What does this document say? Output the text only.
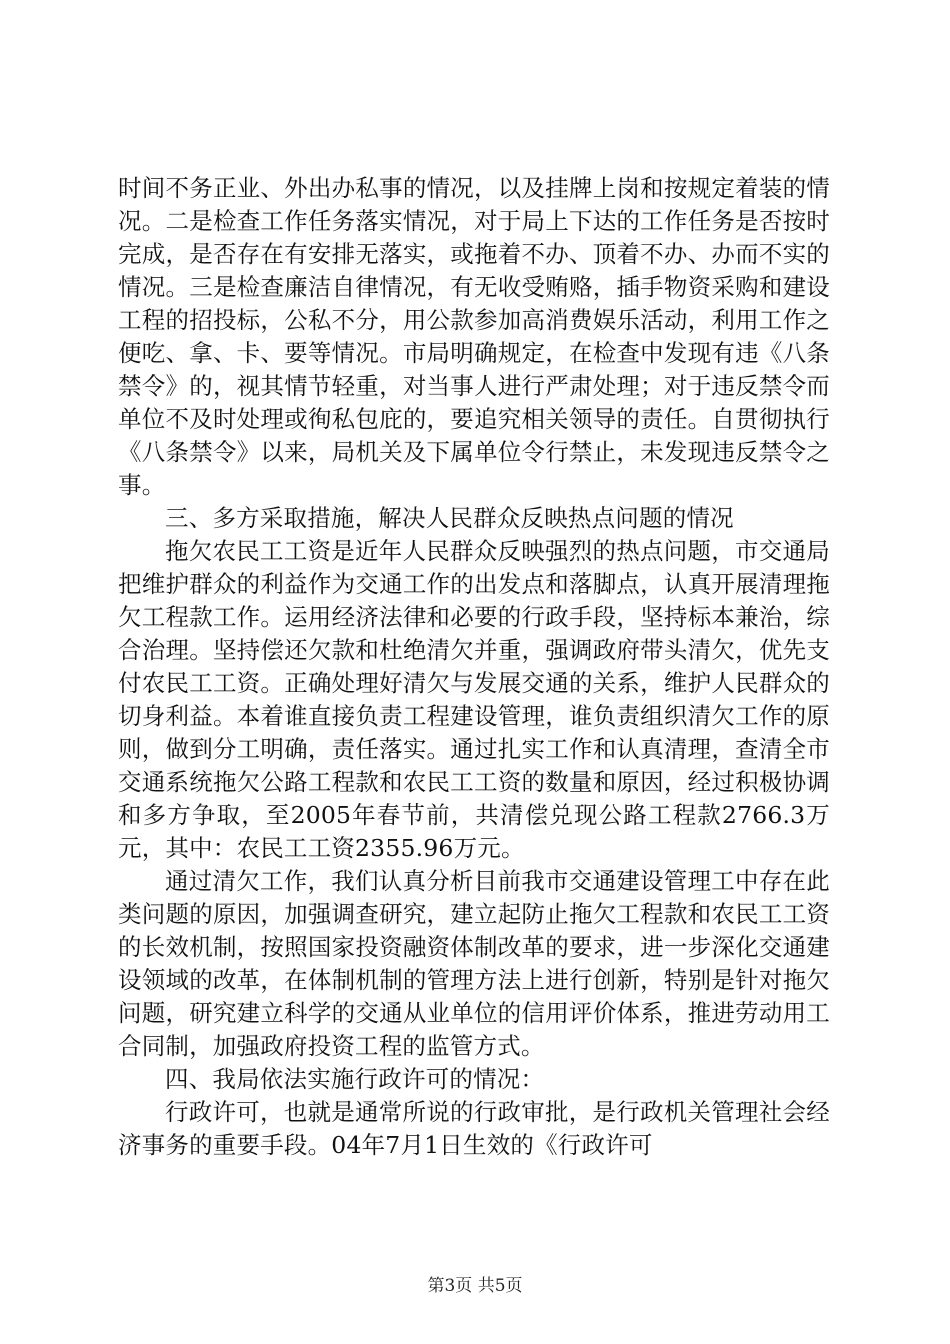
时间不务正业、外出办私事的情况，以及挂牌上岗和按规定着装的情况。二是检查工作任务落实情况，对于局上下达的工作任务是否按时完成，是否存在有安排无落实，或拖着不办、顶着不办、办而不实的情况。三是检查廉洁自律情况，有无收受贿赂，插手物资采购和建设工程的招投标，公私不分，用公款参加高消费娱乐活动，利用工作之便吃、拿、卡、要等情况。市局明确规定，在检查中发现有违《八条禁令》的，视其情节轻重，对当事人进行严肃处理；对于违反禁令而单位不及时处理或徇私包庇的，要追究相关领导的责任。自贯彻执行《八条禁令》以来，局机关及下属单位令行禁止，未发现违反禁令之事。

三、多方采取措施，解决人民群众反映热点问题的情况

拖欠农民工工资是近年人民群众反映强烈的热点问题，市交通局把维护群众的利益作为交通工作的出发点和落脚点，认真开展清理拖欠工程款工作。运用经济法律和必要的行政手段，坚持标本兼治，综合治理。坚持偿还欠款和杜绝清欠并重，强调政府带头清欠，优先支付农民工工资。正确处理好清欠与发展交通的关系，维护人民群众的切身利益。本着谁直接负责工程建设管理，谁负责组织清欠工作的原则，做到分工明确，责任落实。通过扎实工作和认真清理，查清全市交通系统拖欠公路工程款和农民工工资的数量和原因，经过积极协调和多方争取，至2005年春节前，共清偿兑现公路工程款2766.3万元，其中：农民工工资2355.96万元。

通过清欠工作，我们认真分析目前我市交通建设管理工中存在此类问题的原因，加强调查研究，建立起防止拖欠工程款和农民工工资的长效机制，按照国家投资融资体制改革的要求，进一步深化交通建设领域的改革，在体制机制的管理方法上进行创新，特别是针对拖欠问题，研究建立科学的交通从业单位的信用评价体系，推进劳动用工合同制，加强政府投资工程的监管方式。

四、我局依法实施行政许可的情况：

行政许可，也就是通常所说的行政审批，是行政机关管理社会经济事务的重要手段。04年7月1日生效的《行政许可

第3页 共5页
